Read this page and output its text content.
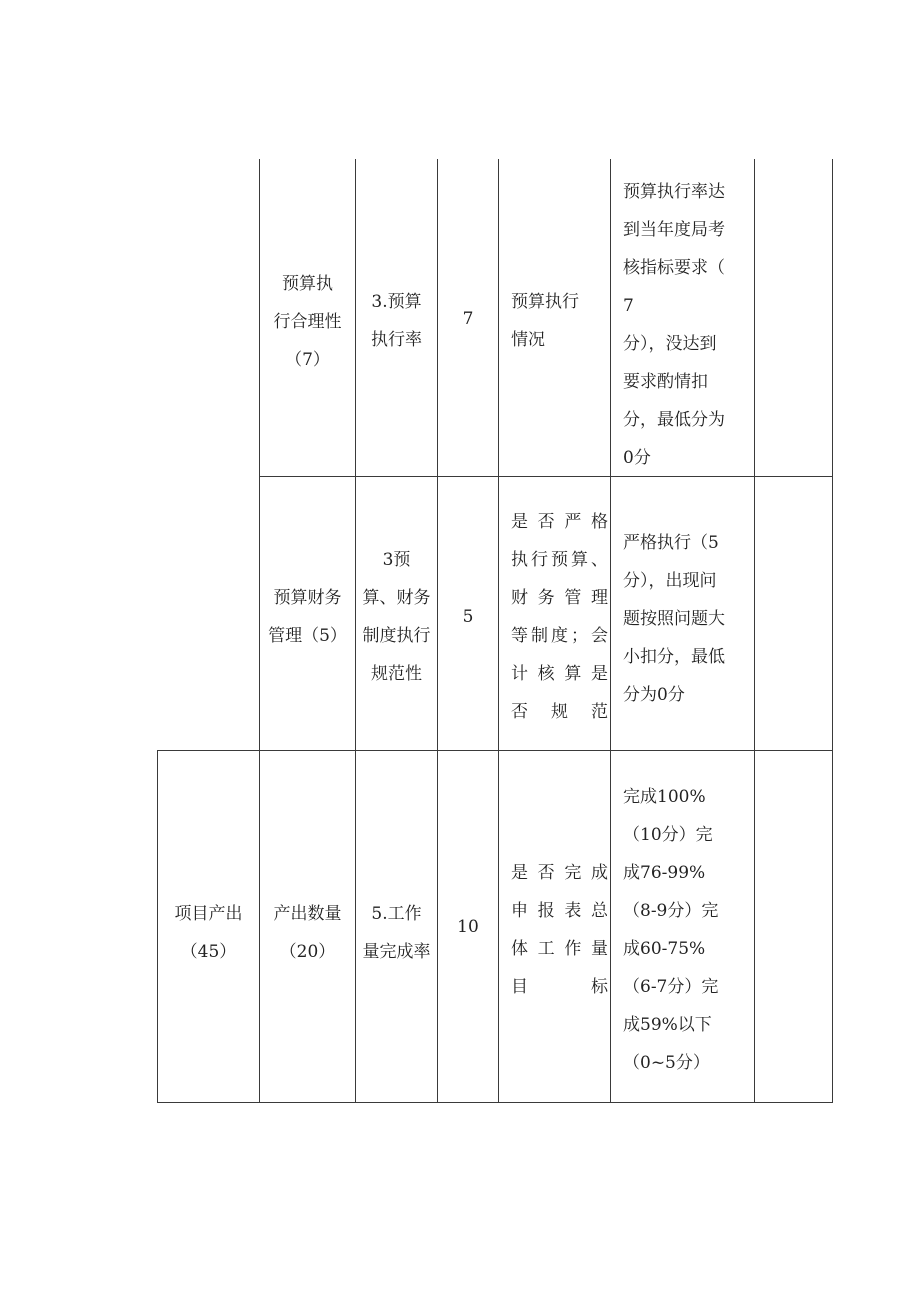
预算执
行合理性
（7）
3.预算
执行率
7
预算执行
情况
预算执行率达
到当年度局考
核指标要求（
7
分），没达到
要求酌情扣
分，最低分为
0分
预算财务
管理（5）
3预
算、财务
制度执行
规范性
5
是否严格
执行预算、
财务管理
等制度；会
计核算是
否规范
严格执行（5
分），出现问
题按照问题大
小扣分，最低
分为0分
项目产出
（45）
产出数量
（20）
5.工作
量完成率
10
是否完成
申报表总
体工作量
目标
完成100%
（10分）完
成76-99%
（8-9分）完
成60-75%
（6-7分）完
成59%以下
（0~5分）
